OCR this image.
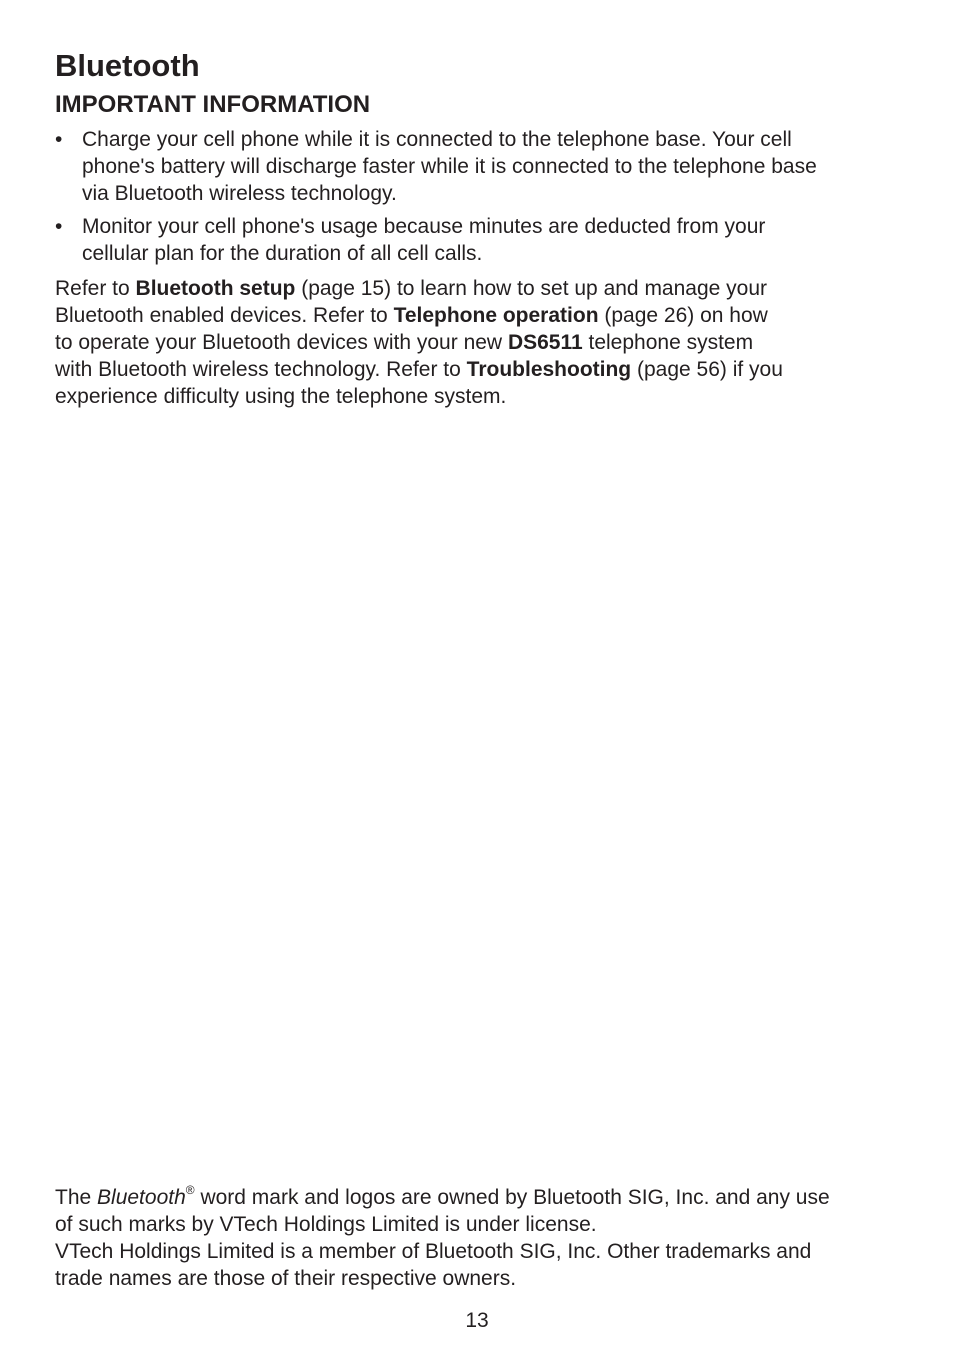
Bluetooth
IMPORTANT INFORMATION
• Charge your cell phone while it is connected to the telephone base. Your cell
phone's battery will discharge faster while it is connected to the telephone base
via Bluetooth wireless technology.
• Monitor your cell phone's usage because minutes are deducted from your
cellular plan for the duration of all cell calls.

Refer to Bluetooth setup (page 15) to learn how to set up and manage your
Bluetooth enabled devices. Refer to Telephone operation (page 26) on how
to operate your Bluetooth devices with your new DS6511 telephone system
with Bluetooth wireless technology. Refer to Troubleshooting (page 56) if you
experience difficulty using the telephone system.

The Bluetooth® word mark and logos are owned by Bluetooth SIG, Inc. and any use
of such marks by VTech Holdings Limited is under license.
VTech Holdings Limited is a member of Bluetooth SIG, Inc. Other trademarks and
trade names are those of their respective owners.

13
